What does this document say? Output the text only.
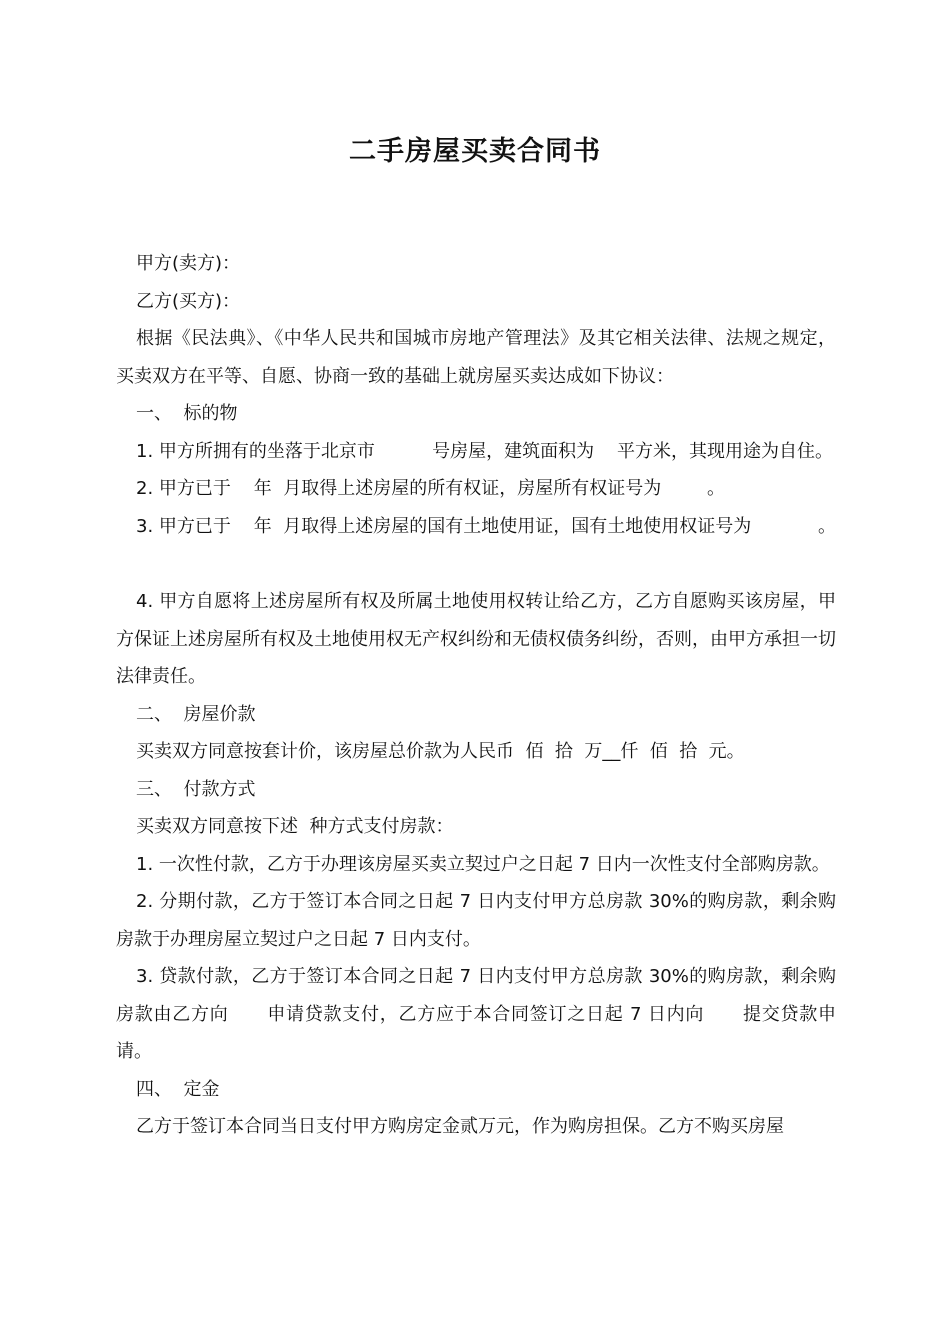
二手房屋买卖合同书

甲方(卖方)：

乙方(买方)：

根据《民法典》、《中华人民共和国城市房地产管理法》及其它相关法律、法规之规定，买卖双方在平等、自愿、协商一致的基础上就房屋买卖达成如下协议：

一、  标的物

1. 甲方所拥有的坐落于北京市          号房屋，建筑面积为    平方米，其现用途为自住。

2. 甲方已于    年  月取得上述房屋的所有权证，房屋所有权证号为        。

3. 甲方已于    年  月取得上述房屋的国有土地使用证，国有土地使用权证号为	。

4. 甲方自愿将上述房屋所有权及所属土地使用权转让给乙方，乙方自愿购买该房屋，甲方保证上述房屋所有权及土地使用权无产权纠纷和无债权债务纠纷，否则，由甲方承担一切法律责任。

二、  房屋价款

买卖双方同意按套计价，该房屋总价款为人民币  佰  拾  万__仟  佰  拾  元。

三、  付款方式

买卖双方同意按下述  种方式支付房款：

1. 一次性付款，乙方于办理该房屋买卖立契过户之日起 7 日内一次性支付全部购房款。

2. 分期付款，乙方于签订本合同之日起 7 日内支付甲方总房款 30%的购房款，剩余购房款于办理房屋立契过户之日起 7 日内支付。

3. 贷款付款，乙方于签订本合同之日起 7 日内支付甲方总房款 30%的购房款，剩余购房款由乙方向      申请贷款支付，乙方应于本合同签订之日起 7 日内向      提交贷款申请。

四、  定金

乙方于签订本合同当日支付甲方购房定金贰万元，作为购房担保。乙方不购买房屋
